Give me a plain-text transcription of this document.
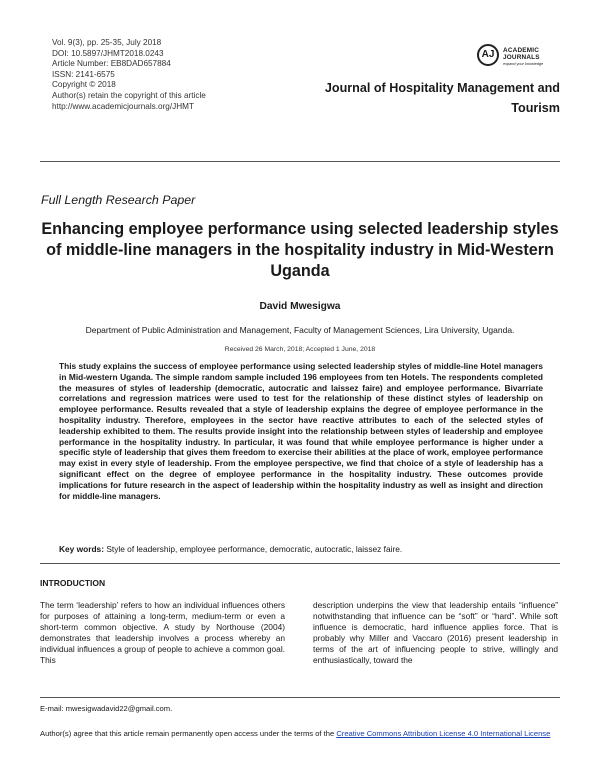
Vol. 9(3), pp. 25-35, July 2018
DOI: 10.5897/JHMT2018.0243
Article Number: EB8DAD657884
ISSN: 2141-6575
Copyright © 2018
Author(s) retain the copyright of this article
http://www.academicjournals.org/JHMT
AJ	ACADEMIC
JOURNALS
expand your knowledge
Journal of Hospitality Management and Tourism
Full Length Research Paper
Enhancing employee performance using selected leadership styles of middle-line managers in the hospitality industry in Mid-Western Uganda
David Mwesigwa
Department of Public Administration and Management, Faculty of Management Sciences, Lira University, Uganda.
Received 26 March, 2018; Accepted 1 June, 2018
This study explains the success of employee performance using selected leadership styles of middle-line Hotel managers in Mid-western Uganda. The simple random sample included 196 employees from ten Hotels. The respondents completed the measures of styles of leadership (democratic, autocratic and laissez faire) and employee performance. Bivarriate correlations and regression matrices were used to test for the relationship of these distinct styles of leadership on employee performance. Results revealed that a style of leadership explains the degree of employee performance in the hospitality industry. Therefore, employees in the sector have reactive attributes to each of the selected styles of leadership exhibited to them. The results provide insight into the relationship between styles of leadership and employee performance in the hospitality industry. In particular, it was found that while employee performance is higher under a specific style of leadership that gives them freedom to exercise their abilities at the place of work, employee performance may exist in every style of leadership. From the employee perspective, we find that choice of a style of leadership has a significant effect on the degree of employee performance in the hospitality industry. These outcomes provide implications for future research in the aspect of leadership within the hospitality industry as well as insight and direction for middle-line managers.
Key words: Style of leadership, employee performance, democratic, autocratic, laissez faire.
INTRODUCTION
The term ‘leadership’ refers to how an individual influences others for purposes of attaining a long-term, medium-term or even a short-term common objective. A study by Northouse (2004) demonstrates that leadership involves a process whereby an individual influences a group of people to achieve a common goal. This
description underpins the view that leadership entails “influence” notwithstanding that influence can be “soft” or “hard”. While soft influence is democratic, hard influence applies force. That is probably why Miller and Vaccaro (2016) present leadership in terms of the art of influencing people to strive, willingly and enthusiastically, toward the
E-mail: mwesigwadavid22@gmail.com.
Author(s) agree that this article remain permanently open access under the terms of the Creative Commons Attribution License 4.0 International License
